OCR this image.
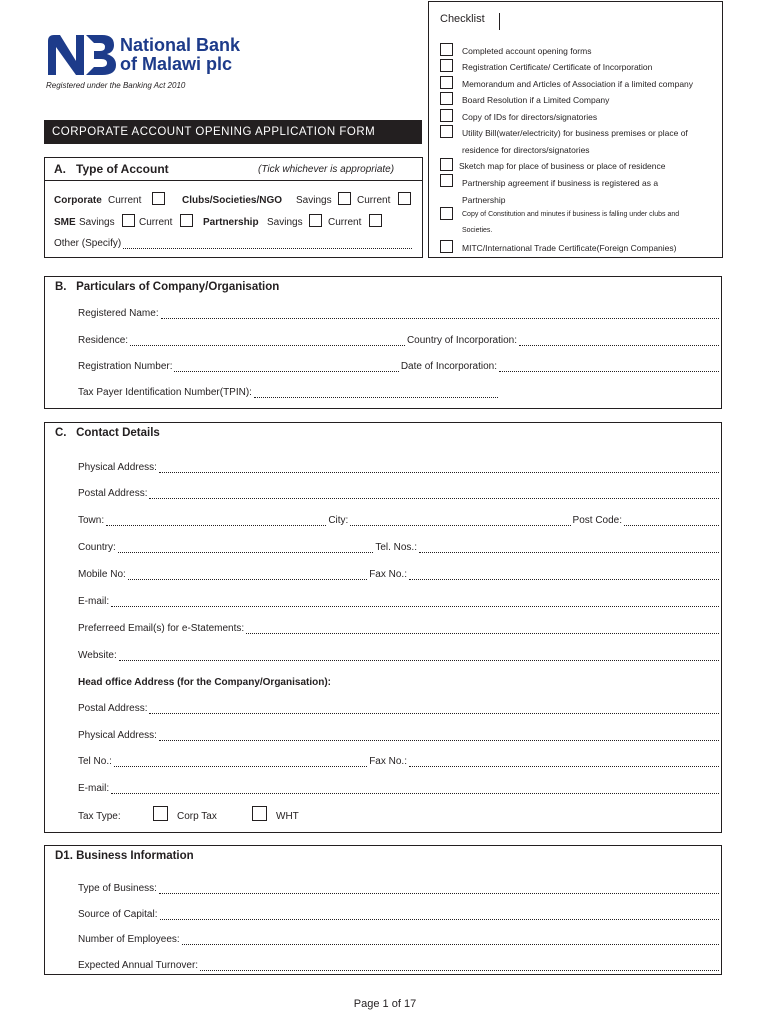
National Bank
of Malawi plc
Registered under the Banking Act 2010
CORPORATE ACCOUNT OPENING APPLICATION FORM
Checklist
Completed account opening forms
Registration Certificate/ Certificate of Incorporation
Memorandum and Articles of Association if a limited company
Board Resolution if a Limited Company
Copy of IDs for directors/signatories
Utility Bill(water/electricity) for business premises or place of
residence for directors/signatories
Sketch map for place of business or place of residence
Partnership agreement if business is registered as a
Partnership
Copy of Constitution and minutes if business is falling under clubs and
Societies.
MITC/International Trade Certificate(Foreign Companies)
A.   Type of Account	(Tick whichever is appropriate)
Corporate Current	Clubs/Societies/NGO Savings	Current
SME Savings Current	Partnership Savings	Current
Other (Specify)
B.   Particulars of Company/Organisation
Registered Name:
Residence:	Country of Incorporation:
Registration Number:	Date of Incorporation:
Tax Payer Identification Number(TPIN):
C.   Contact Details
Physical Address:
Postal Address:
Town:	City:	Post Code:
Country:	Tel. Nos.:
Mobile No:	Fax No.:
E-mail:
Preferreed Email(s) for e-Statements:
Website:
Head office Address (for the Company/Organisation):
Postal Address:
Physical Address:
Tel No.:	Fax No.:
E-mail:
Tax Type:	Corp Tax	WHT
D1. Business Information
Type of Business:
Source of Capital:
Number of Employees:
Expected Annual Turnover:
Page 1 of 17
